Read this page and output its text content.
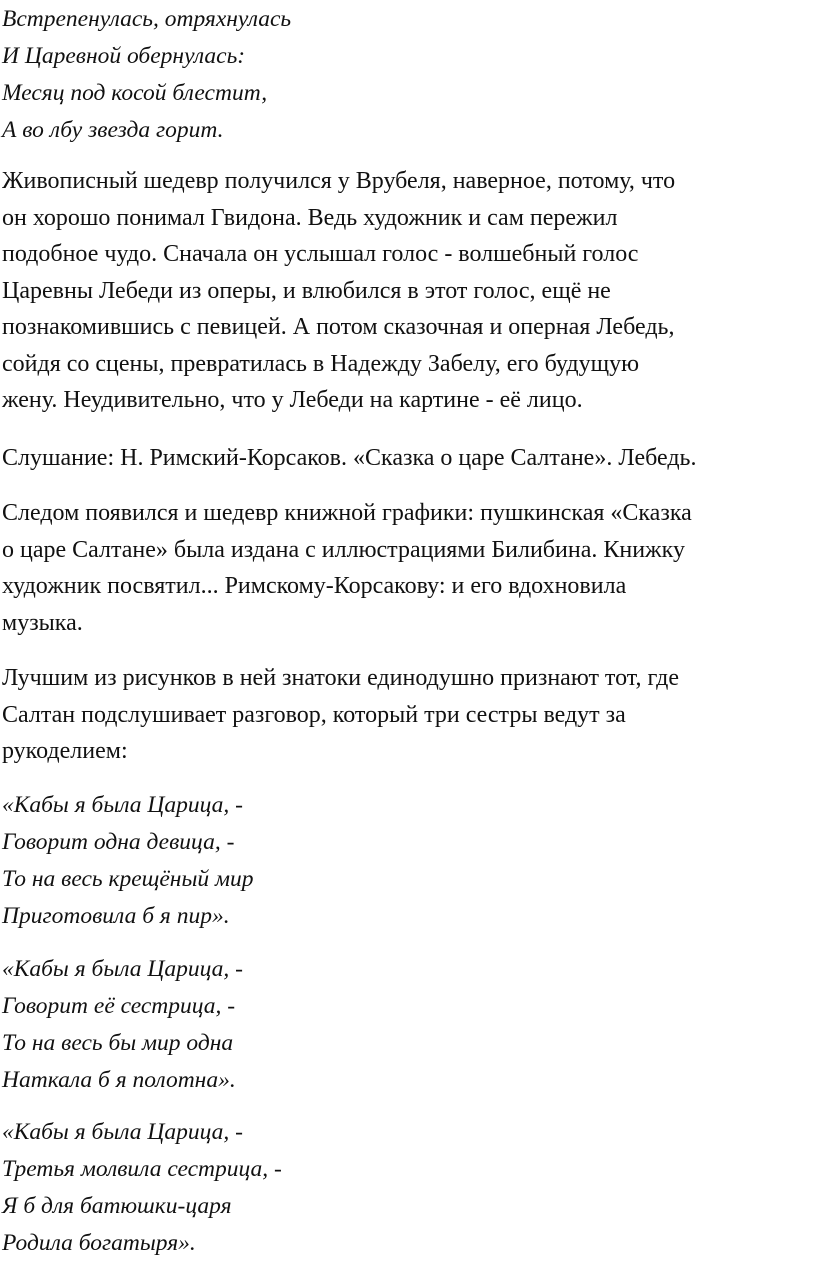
Встрепенулась, отряхнулась
И Царевной обернулась:
Месяц под косой блестит,
А во лбу звезда горит.

Живописный шедевр получился у Врубеля, наверное, потому, что
он хорошо понимал Гвидона. Ведь художник и сам пережил
подобное чудо. Сначала он услышал голос - волшебный голос
Царевны Лебеди из оперы, и влюбился в этот голос, ещё не
познакомившись с певицей. А потом сказочная и оперная Лебедь,
сойдя со сцены, превратилась в Надежду Забелу, его будущую
жену. Неудивительно, что у Лебеди на картине - её лицо.

Слушание: Н. Римский-Корсаков. «Сказка о царе Салтане». Лебедь.

Следом появился и шедевр книжной графики: пушкинская «Сказка
о царе Салтане» была издана с иллюстрациями Билибина. Книжку
художник посвятил... Римскому-Корсакову: и его вдохновила
музыка.

Лучшим из рисунков в ней знатоки единодушно признают тот, где
Салтан подслушивает разговор, который три сестры ведут за
рукоделием:

«Кабы я была Царица, -
Говорит одна девица, -
То на весь крещёный мир
Приготовила б я пир».

«Кабы я была Царица, -
Говорит её сестрица, -
То на весь бы мир одна
Наткала б я полотна».

«Кабы я была Царица, -
Третья молвила сестрица, -
Я б для батюшки-царя
Родила богатыря».
